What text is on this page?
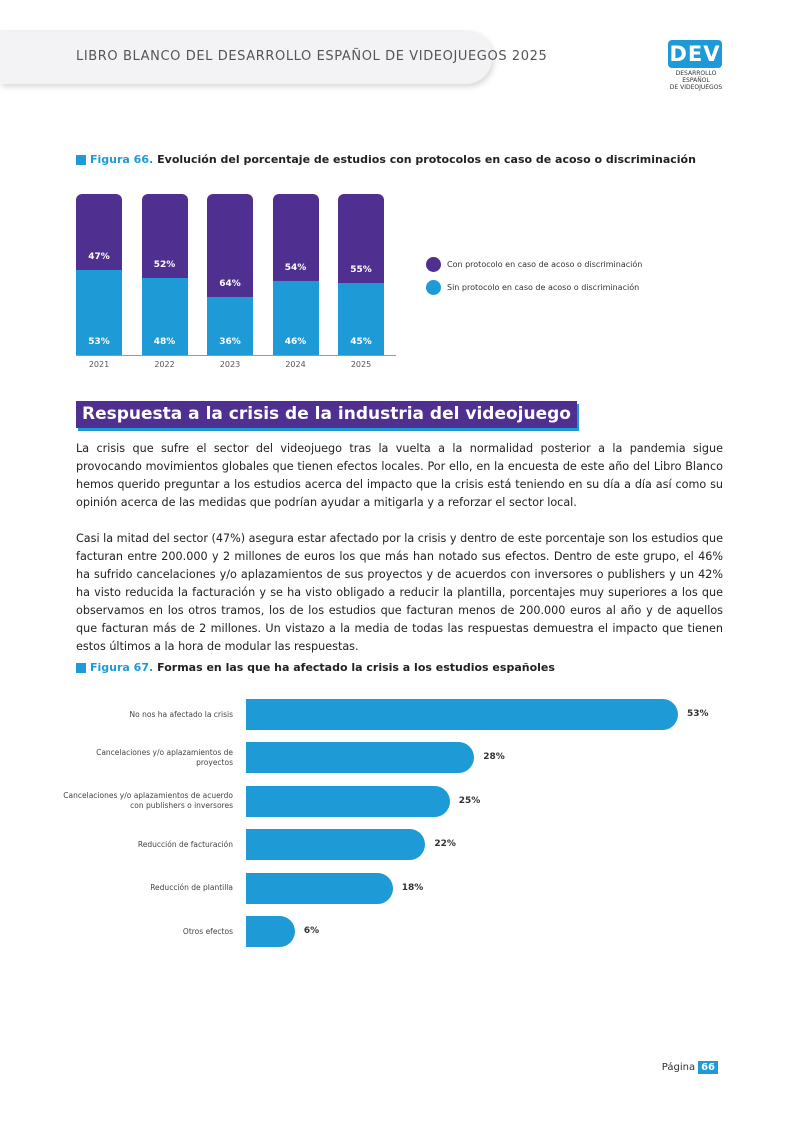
LIBRO BLANCO DEL DESARROLLO ESPAÑOL DE VIDEOJUEGOS 2025	DEV
DESARROLLO ESPAÑOL
DE VIDEOJUEGOS
Figura 66. Evolución del porcentaje de estudios con protocolos en caso de acoso o discriminación
47%
53%
2021
52%
48%
2022
64%
36%
2023
54%
46%
2024
55%
45%
2025
Con protocolo en caso de acoso o discriminación
Sin protocolo en caso de acoso o discriminación
Respuesta a la crisis de la industria del videojuego

La crisis que sufre el sector del videojuego tras la vuelta a la normalidad posterior a la pandemia sigue provocando movimientos globales que tienen efectos locales. Por ello, en la encuesta de este año del Libro Blanco hemos querido preguntar a los estudios acerca del impacto que la crisis está teniendo en su día a día así como su opinión acerca de las medidas que podrían ayudar a mitigarla y a reforzar el sector local.

Casi la mitad del sector (47%) asegura estar afectado por la crisis y dentro de este porcentaje son los estudios que facturan entre 200.000 y 2 millones de euros los que más han notado sus efectos. Dentro de este grupo, el 46% ha sufrido cancelaciones y/o aplazamientos de sus proyectos y de acuerdos con inversores o publishers y un 42% ha visto reducida la facturación y se ha visto obligado a reducir la plantilla, porcentajes muy superiores a los que observamos en los otros tramos, los de los estudios que facturan menos de 200.000 euros al año y de aquellos que facturan más de 2 millones. Un vistazo a la media de todas las respuestas demuestra el impacto que tienen estos últimos a la hora de modular las respuestas.

Figura 67. Formas en las que ha afectado la crisis a los estudios españoles
No nos ha afectado la crisis	53%
Cancelaciones y/o aplazamientos de proyectos	28%
Cancelaciones y/o aplazamientos de acuerdo con publishers o inversores	25%
Reducción de facturación	22%
Reducción de plantilla	18%
Otros efectos	6%
Página 66
